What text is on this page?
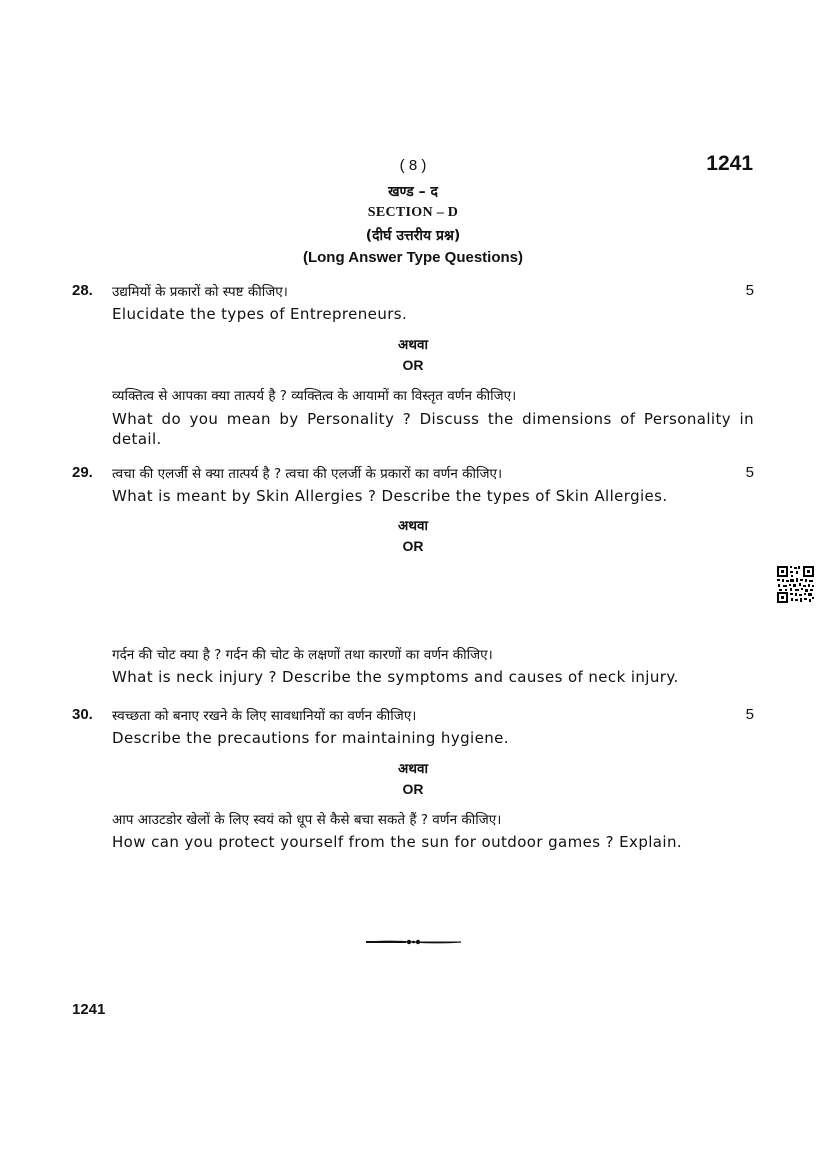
( 8 )	1241
खण्ड – द
SECTION – D
(दीर्घ उत्तरीय प्रश्न)
(Long Answer Type Questions)
28. उद्यमियों के प्रकारों को स्पष्ट कीजिए।	5
Elucidate the types of Entrepreneurs.
अथवा
OR
व्यक्तित्व से आपका क्या तात्पर्य है ? व्यक्तित्व के आयामों का विस्तृत वर्णन कीजिए।
What do you mean by Personality ? Discuss the dimensions of Personality in detail.
29. त्वचा की एलर्जी से क्या तात्पर्य है ? त्वचा की एलर्जी के प्रकारों का वर्णन कीजिए।	5
What is meant by Skin Allergies ? Describe the types of Skin Allergies.
अथवा
OR
गर्दन की चोट क्या है ? गर्दन की चोट के लक्षणों तथा कारणों का वर्णन कीजिए।
What is neck injury ? Describe the symptoms and causes of neck injury.
30. स्वच्छता को बनाए रखने के लिए सावधानियों का वर्णन कीजिए।	5
Describe the precautions for maintaining hygiene.
अथवा
OR
आप आउटडोर खेलों के लिए स्वयं को धूप से कैसे बचा सकते हैं ? वर्णन कीजिए।
How can you protect yourself from the sun for outdoor games ? Explain.
1241
